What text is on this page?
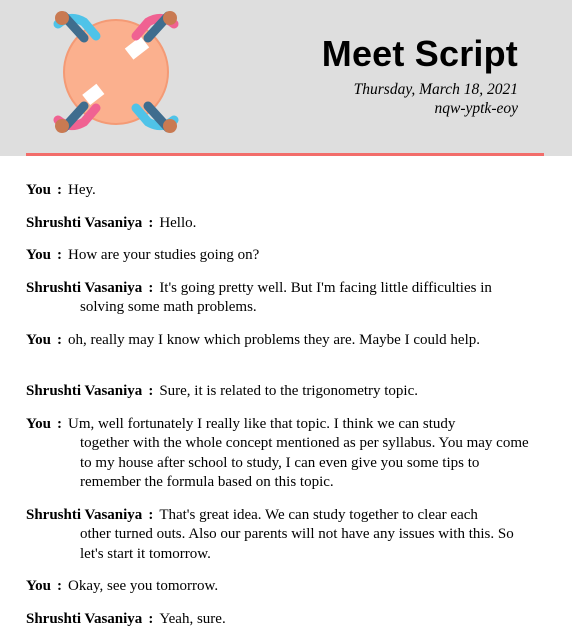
Meet Script
Thursday, March 18, 2021
nqw-yptk-eoy
You : Hey.
Shrushti Vasaniya : Hello.
You : How are your studies going on?
Shrushti Vasaniya : It's going pretty well. But I'm facing little difficulties in
solving some math problems.
You : oh, really may I know which problems they are. Maybe I could help.
Shrushti Vasaniya : Sure, it is related to the trigonometry topic.
You : Um, well fortunately I really like that topic. I think we can study
together with the whole concept mentioned as per syllabus. You may come
to my house after school to study, I can even give you some tips to
remember the formula based on this topic.
Shrushti Vasaniya : That's great idea. We can study together to clear each
other turned outs. Also our parents will not have any issues with this. So
let's start it tomorrow.
You : Okay, see you tomorrow.
Shrushti Vasaniya : Yeah, sure.
